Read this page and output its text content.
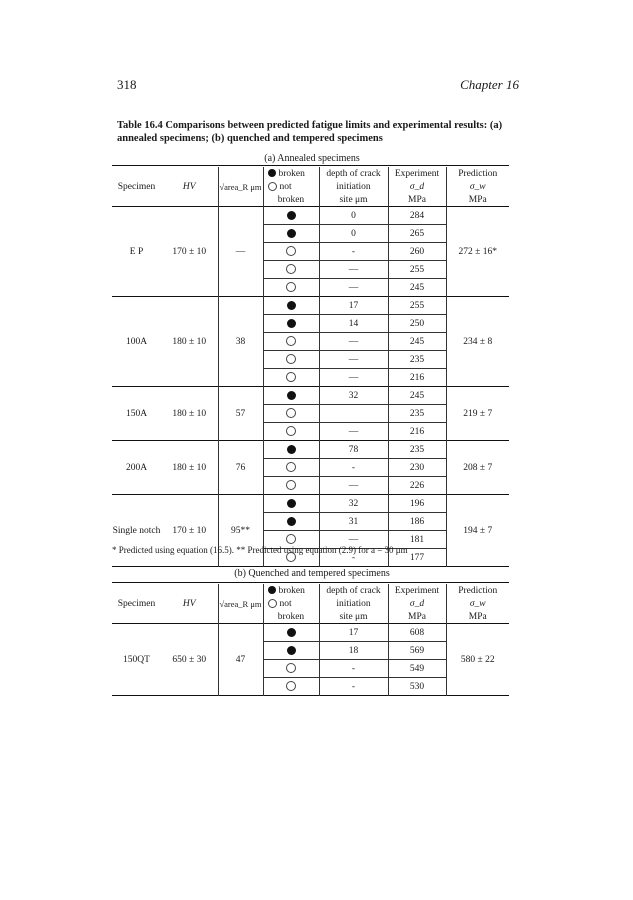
318	Chapter 16
Table 16.4 Comparisons between predicted fatigue limits and experimental results: (a) annealed specimens; (b) quenched and tempered specimens
(a) Annealed specimens
Specimen	HV	√area_R μm	broken	depth of crack	Experiment	Prediction
			not	initiation	σ_d	σ_w
			broken	site μm	MPa	MPa
E P	170 ± 10	—		0	284	272 ± 16*
				0	265	
				-	260	
				—	255	
				—	245	
100A	180 ± 10	38		17	255	234 ± 8
				14	250	
				—	245	
				—	235	
				—	216	
150A	180 ± 10	57		32	245	219 ± 7
					235	
				—	216	
200A	180 ± 10	76		78	235	208 ± 7
				-	230	
				—	226	
Single notch	170 ± 10	95**		32	196	194 ± 7
				31	186	
				—	181	
				-	177	

* Predicted using equation (16.5). ** Predicted using equation (2.9) for a = 30 μm
(b) Quenched and tempered specimens
Specimen	HV	√area_R μm	broken	depth of crack	Experiment	Prediction
			not	initiation	σ_d	σ_w
			broken	site μm	MPa	MPa
150QT	650 ± 30	47		17	608	580 ± 22
				18	569	
				-	549	
				-	530	
